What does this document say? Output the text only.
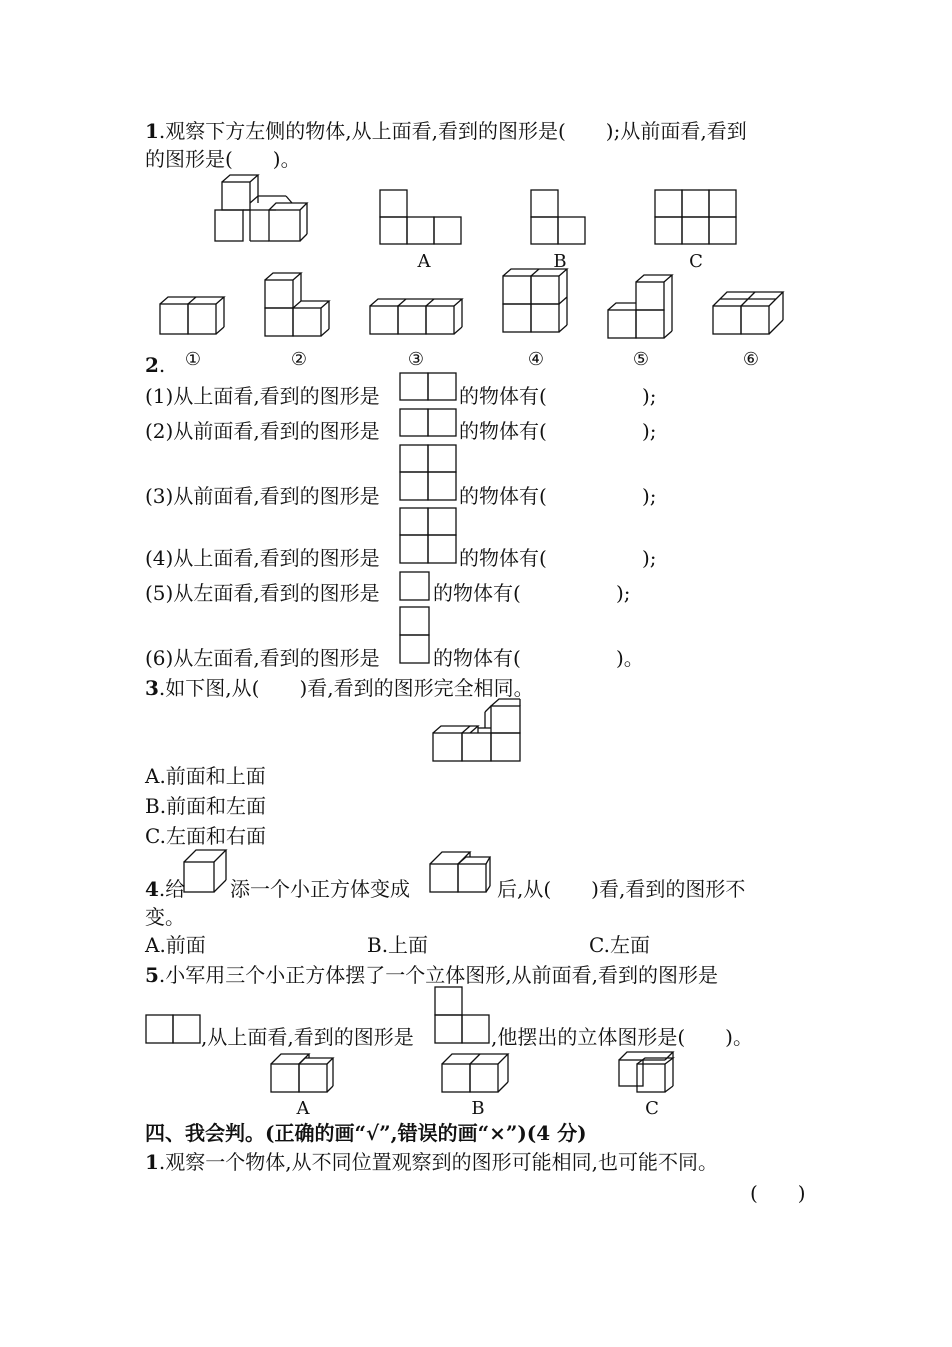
1.观察下方左侧的物体,从上面看,看到的图形是(　　);从前面看,看到
的图形是(　　)。
A	B	C
①	②	③	④	⑤	⑥
2.
(1)从上面看,看到的图形是	的物体有(	);
(2)从前面看,看到的图形是	的物体有(	);
(3)从前面看,看到的图形是	的物体有(	);
(4)从上面看,看到的图形是	的物体有(	);
(5)从左面看,看到的图形是	的物体有(	);
(6)从左面看,看到的图形是	的物体有(	)。
3.如下图,从(　　)看,看到的图形完全相同。
A.前面和上面
B.前面和左面
C.左面和右面
4.给 添一个小正方体变成	后,从(　　)看,看到的图形不
变。
A.前面	B.上面	C.左面
5.小军用三个小正方体摆了一个立体图形,从前面看,看到的图形是
,从上面看,看到的图形是	,他摆出的立体图形是(　　)。
A	B	C
四、我会判。(正确的画“√”,错误的画“×”)(4 分)
1.观察一个物体,从不同位置观察到的图形可能相同,也可能不同。
(　　)
